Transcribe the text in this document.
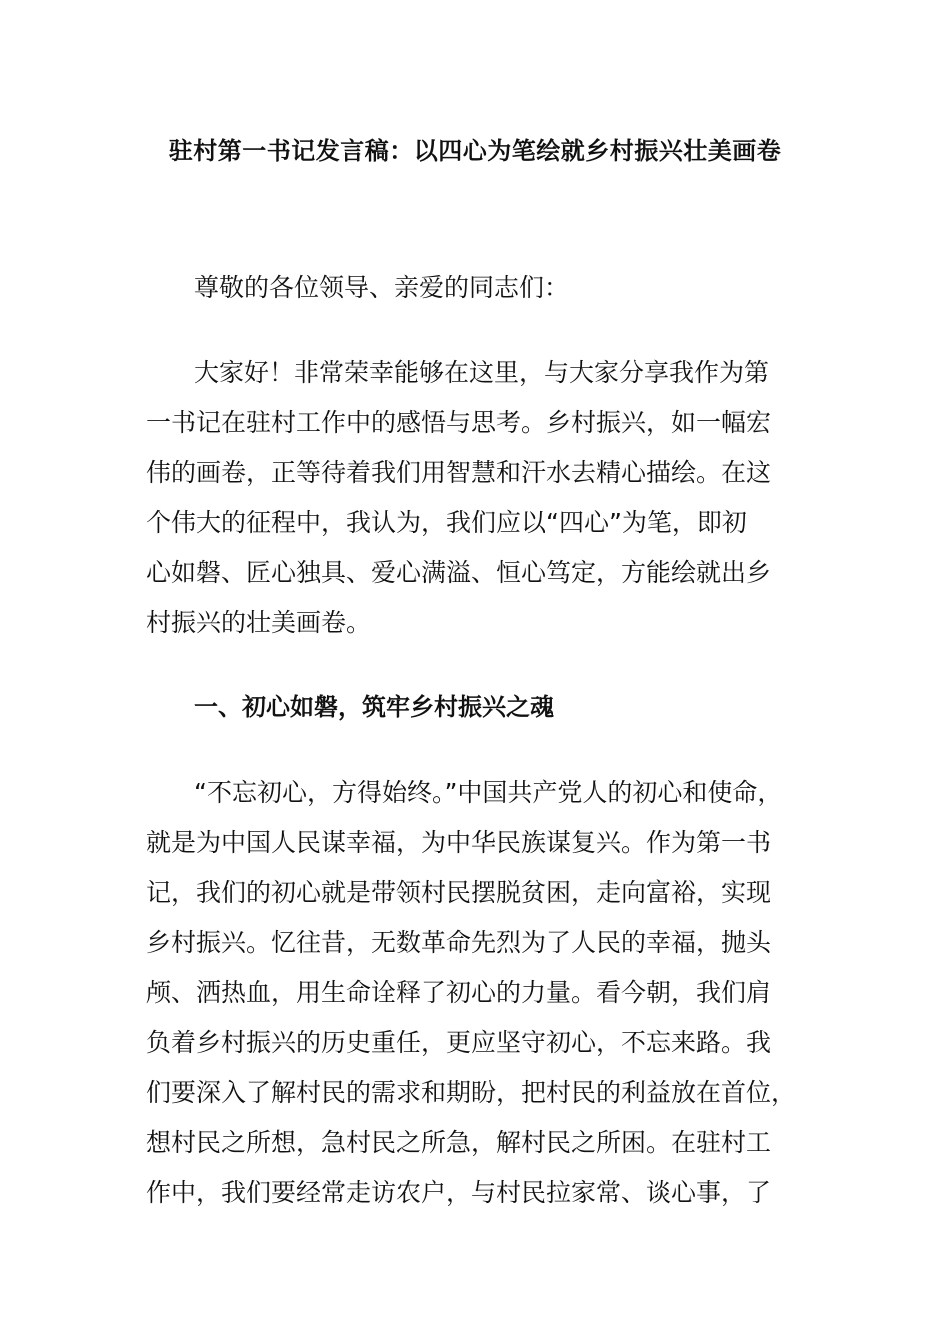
驻村第一书记发言稿：以四心为笔绘就乡村振兴壮美画卷

尊敬的各位领导、亲爱的同志们：

大家好！非常荣幸能够在这里，与大家分享我作为第
一书记在驻村工作中的感悟与思考。乡村振兴，如一幅宏
伟的画卷，正等待着我们用智慧和汗水去精心描绘。在这
个伟大的征程中，我认为，我们应以“四心”为笔，即初
心如磐、匠心独具、爱心满溢、恒心笃定，方能绘就出乡
村振兴的壮美画卷。
一、初心如磐，筑牢乡村振兴之魂
“不忘初心，方得始终。”中国共产党人的初心和使命，
就是为中国人民谋幸福，为中华民族谋复兴。作为第一书
记，我们的初心就是带领村民摆脱贫困，走向富裕，实现
乡村振兴。忆往昔，无数革命先烈为了人民的幸福，抛头
颅、洒热血，用生命诠释了初心的力量。看今朝，我们肩
负着乡村振兴的历史重任，更应坚守初心，不忘来路。我
们要深入了解村民的需求和期盼，把村民的利益放在首位，
想村民之所想，急村民之所急，解村民之所困。在驻村工
作中，我们要经常走访农户，与村民拉家常、谈心事，了
